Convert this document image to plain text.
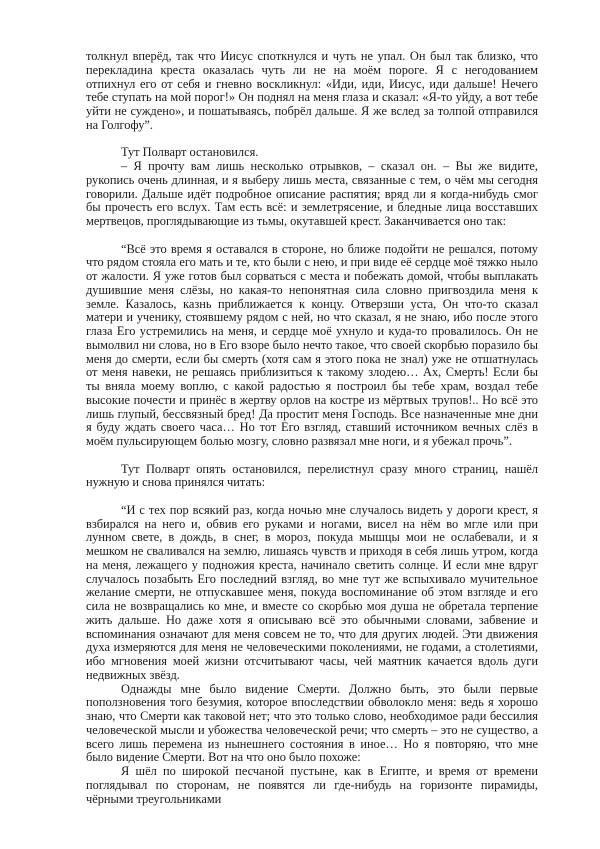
толкнул вперёд, так что Иисус споткнулся и чуть не упал. Он был так близко, что перекладина креста оказалась чуть ли не на моём пороге. Я с негодованием отпихнул его от себя и гневно воскликнул: «Иди, иди, Иисус, иди дальше! Нечего тебе ступать на мой порог!» Он поднял на меня глаза и сказал: «Я-то уйду, а вот тебе уйти не суждено», и пошатываясь, побрёл дальше. Я же вслед за толпой отправился на Голгофу”.

Тут Полварт остановился.

– Я прочту вам лишь несколько отрывков, – сказал он. – Вы же видите, рукопись очень длинная, и я выберу лишь места, связанные с тем, о чём мы сегодня говорили. Дальше идёт подробное описание распятия; вряд ли я когда-нибудь смог бы прочесть его вслух. Там есть всё: и землетрясение, и бледные лица восставших мертвецов, проглядывающие из тьмы, окутавшей крест. Заканчивается оно так:

“Всё это время я оставался в стороне, но ближе подойти не решался, потому что рядом стояла его мать и те, кто были с нею, и при виде её сердце моё тяжко ныло от жалости. Я уже готов был сорваться с места и побежать домой, чтобы выплакать душившие меня слёзы, но какая-то непонятная сила словно пригвоздила меня к земле. Казалось, казнь приближается к концу. Отверзши уста, Он что-то сказал матери и ученику, стоявшему рядом с ней, но что сказал, я не знаю, ибо после этого глаза Его устремились на меня, и сердце моё ухнуло и куда-то провалилось. Он не вымолвил ни слова, но в Его взоре было нечто такое, что своей скорбью поразило бы меня до смерти, если бы смерть (хотя сам я этого пока не знал) уже не отшатнулась от меня навеки, не решаясь приблизиться к такому злодею… Ах, Смерть! Если бы ты вняла моему воплю, с какой радостью я построил бы тебе храм, воздал тебе высокие почести и принёс в жертву орлов на костре из мёртвых трупов!.. Но всё это лишь глупый, бессвязный бред! Да простит меня Господь. Все назначенные мне дни я буду ждать своего часа… Но тот Его взгляд, ставший источником вечных слёз в моём пульсирующем болью мозгу, словно развязал мне ноги, и я убежал прочь”.

Тут Полварт опять остановился, перелистнул сразу много страниц, нашёл нужную и снова принялся читать:

“И с тех пор всякий раз, когда ночью мне случалось видеть у дороги крест, я взбирался на него и, обвив его руками и ногами, висел на нём во мгле или при лунном свете, в дождь, в снег, в мороз, покуда мышцы мои не ослабевали, и я мешком не сваливался на землю, лишаясь чувств и приходя в себя лишь утром, когда на меня, лежащего у подножия креста, начинало светить солнце. И если мне вдруг случалось позабыть Его последний взгляд, во мне тут же вспыхивало мучительное желание смерти, не отпускавшее меня, покуда воспоминание об этом взгляде и его сила не возвращались ко мне, и вместе со скорбью моя душа не обретала терпение жить дальше. Но даже хотя я описываю всё это обычными словами, забвение и вспоминания означают для меня совсем не то, что для других людей. Эти движения духа измеряются для меня не человеческими поколениями, не годами, а столетиями, ибо мгновения моей жизни отсчитывают часы, чей маятник качается вдоль дуги недвижных звёзд.

Однажды мне было видение Смерти. Должно быть, это были первые поползновения того безумия, которое впоследствии обволокло меня: ведь я хорошо знаю, что Смерти как таковой нет; что это только слово, необходимое ради бессилия человеческой мысли и убожества человеческой речи; что смерть – это не существо, а всего лишь перемена из нынешнего состояния в иное… Но я повторяю, что мне было видение Смерти. Вот на что оно было похоже:

Я шёл по широкой песчаной пустыне, как в Египте, и время от времени поглядывал по сторонам, не появятся ли где-нибудь на горизонте пирамиды, чёрными треугольниками
